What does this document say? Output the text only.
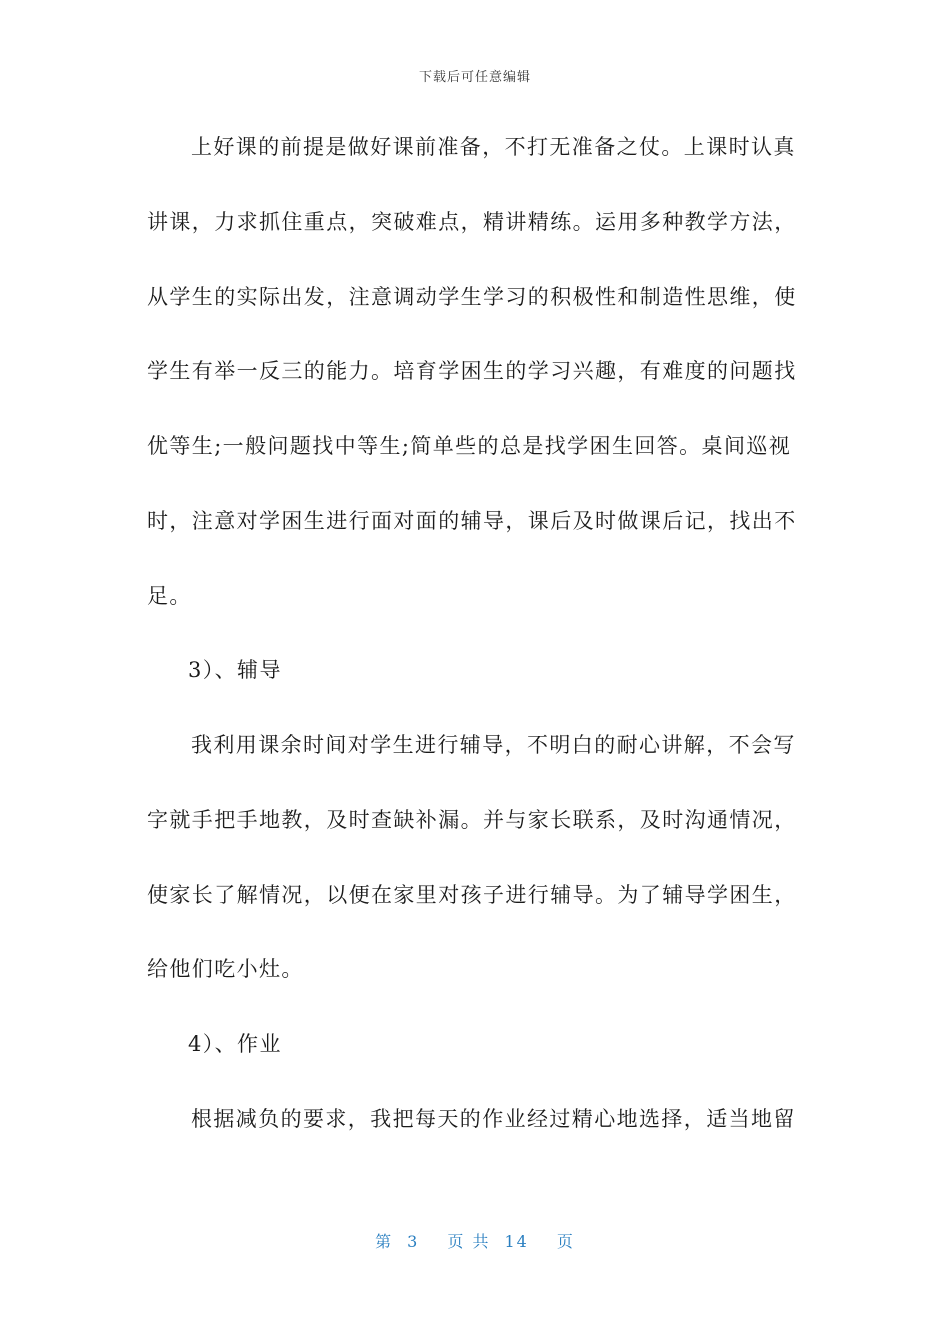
下载后可任意编辑
上好课的前提是做好课前准备，不打无准备之仗。上课时认真
讲课，力求抓住重点，突破难点，精讲精练。运用多种教学方法，
从学生的实际出发，注意调动学生学习的积极性和制造性思维，使
学生有举一反三的能力。培育学困生的学习兴趣，有难度的问题找
优等生;一般问题找中等生;简单些的总是找学困生回答。桌间巡视
时，注意对学困生进行面对面的辅导，课后及时做课后记，找出不
足。
3）、辅导
我利用课余时间对学生进行辅导，不明白的耐心讲解，不会写
字就手把手地教，及时查缺补漏。并与家长联系，及时沟通情况，
使家长了解情况，以便在家里对孩子进行辅导。为了辅导学困生，
给他们吃小灶。
4）、作业
根据减负的要求，我把每天的作业经过精心地选择，适当地留
第 3 页 共 14 页
